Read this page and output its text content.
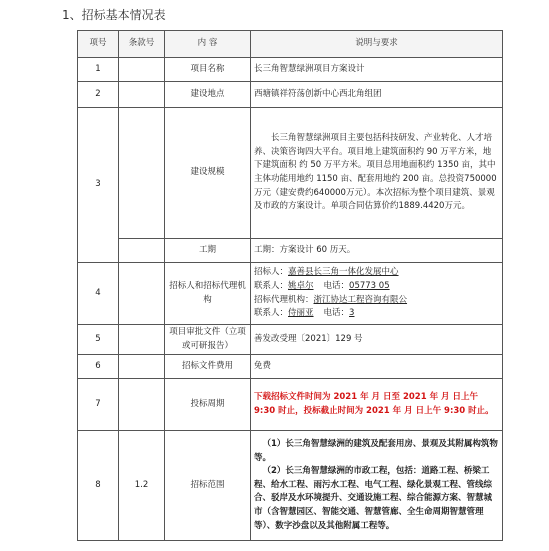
1、招标基本情况表
项号	条款号	内 容	说明与要求
1		项目名称	长三角智慧绿洲项目方案设计
2		建设地点	西塘镇祥符荡创新中心西北角组团
3		建设规模	长三角智慧绿洲项目主要包括科技研发、产业转化、人才培养、决策咨询四大平台。项目地上建筑面积约 90 万平方米，地下建筑面积 约 50 万平方米。项目总用地面积约 1350 亩，其中主体功能用地约 1150 亩、配套用地约 200 亩。总投资750000万元（建安费约640000万元）。本次招标为整个项目建筑、景观及市政的方案设计。单项合同估算价约1889.4420万元。

		工期	工期：方案设计 60 历天。
4		招标人和招标代理机构	招标人：嘉善县长三角一体化发展中心
联系人：姚卓尔 电话：05773 05
招标代理机构：浙江协达工程咨询有限公
联系人：侍丽亚 电话：3

5		项目审批文件（立项或可研报告）	善发改受理〔2021〕129 号
6		招标文件费用	免费
7		投标周期	下载招标文件时间为 2021 年 月 日至 2021 年 月 日上午 9:30 时止，投标截止时间为 2021 年 月 日上午 9:30 时止。
8	1.2	招标范围	（1）长三角智慧绿洲的建筑及配套用房、景观及其附属构筑物等。

（2）长三角智慧绿洲的市政工程，包括：道路工程、桥梁工程、给水工程、雨污水工程、电气工程、绿化景观工程、管线综合、驳岸及水环境提升、交通设施工程、综合能源方案、智慧城市（含智慧园区、智能交通、智慧管廊、全生命周期智慧管理等）、数字沙盘以及其他附属工程等。
